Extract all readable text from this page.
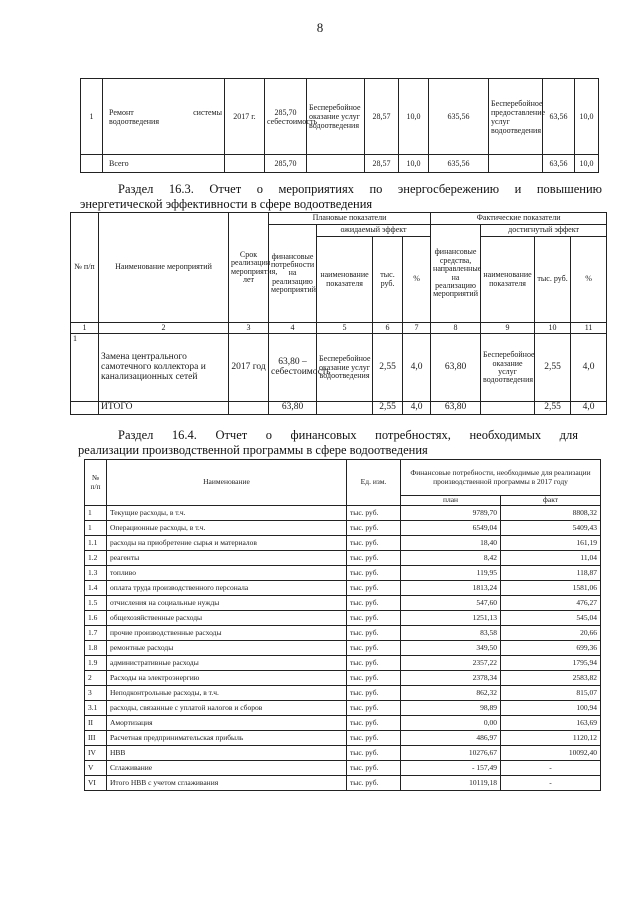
8
1	Ремонт системы
водоотведения	2017 г.	285,70 себестоимость	Бесперебойное оказание услуг водоотведения	28,57	10,0	635,56	Бесперебойное предоставление услуг водоотведения	63,56	10,0
	Всего		285,70		28,57	10,0	635,56		63,56	10,0
Раздел 16.3. Отчет о мероприятиях по энергосбережению и повышению
энергетической эффективности в сфере водоотведения
№ п/п	Наименование мероприятий	Срок реализации мероприятия, лет	Плановые показатели				Фактические показатели			
			финансовые потребности на реализацию мероприятий	ожидаемый эффект			финансовые средства, направленные на реализацию мероприятий	достигнутый эффект		
				наименование показателя	тыс. руб.	%		наименование показателя	тыс. руб.	%
1	2	3	4	5	6	7	8	9	10	11
1	Замена центрального самотечного коллектора и канализационных сетей	2017 год	63,80 – себестоимость	Бесперебойное оказание услуг водоотведения	2,55	4,0	63,80	Бесперебойное оказание услуг водоотведения	2,55	4,0
	ИТОГО		63,80		2,55	4,0	63,80		2,55	4,0
Раздел 16.4. Отчет о финансовых потребностях, необходимых для
реализации производственной программы в сфере водоотведения
№ п/п	Наименование	Ед. изм.	Финансовые потребности, необходимые для реализации производственной программы в 2017 году	
			план	факт
1	Текущие расходы, в т.ч.	тыс. руб.	9789,70	8808,32
1	Операционные расходы, в т.ч.	тыс. руб.	6549,04	5409,43
1.1	расходы на приобретение сырья и материалов	тыс. руб.	18,40	161,19
1.2	реагенты	тыс. руб.	8,42	11,04
1.3	топливо	тыс. руб.	119,95	118,87
1.4	оплата труда производственного персонала	тыс. руб.	1813,24	1581,06
1.5	отчисления на социальные нужды	тыс. руб.	547,60	476,27
1.6	общехозяйственные расходы	тыс. руб.	1251,13	545,04
1.7	прочие производственные расходы	тыс. руб.	83,58	20,66
1.8	ремонтные расходы	тыс. руб.	349,50	699,36
1.9	административные расходы	тыс. руб.	2357,22	1795,94
2	Расходы на электроэнергию	тыс. руб.	2378,34	2583,82
3	Неподконтрольные расходы, в т.ч.	тыс. руб.	862,32	815,07
3.1	расходы, связанные с уплатой налогов и сборов	тыс. руб.	98,89	100,94
II	Амортизация	тыс. руб.	0,00	163,69
III	Расчетная предпринимательская прибыль	тыс. руб.	486,97	1120,12
IV	НВВ	тыс. руб.	10276,67	10092,40
V	Сглаживание	тыс. руб.	- 157,49	-
VI	Итого НВВ с учетом сглаживания	тыс. руб.	10119,18	-
